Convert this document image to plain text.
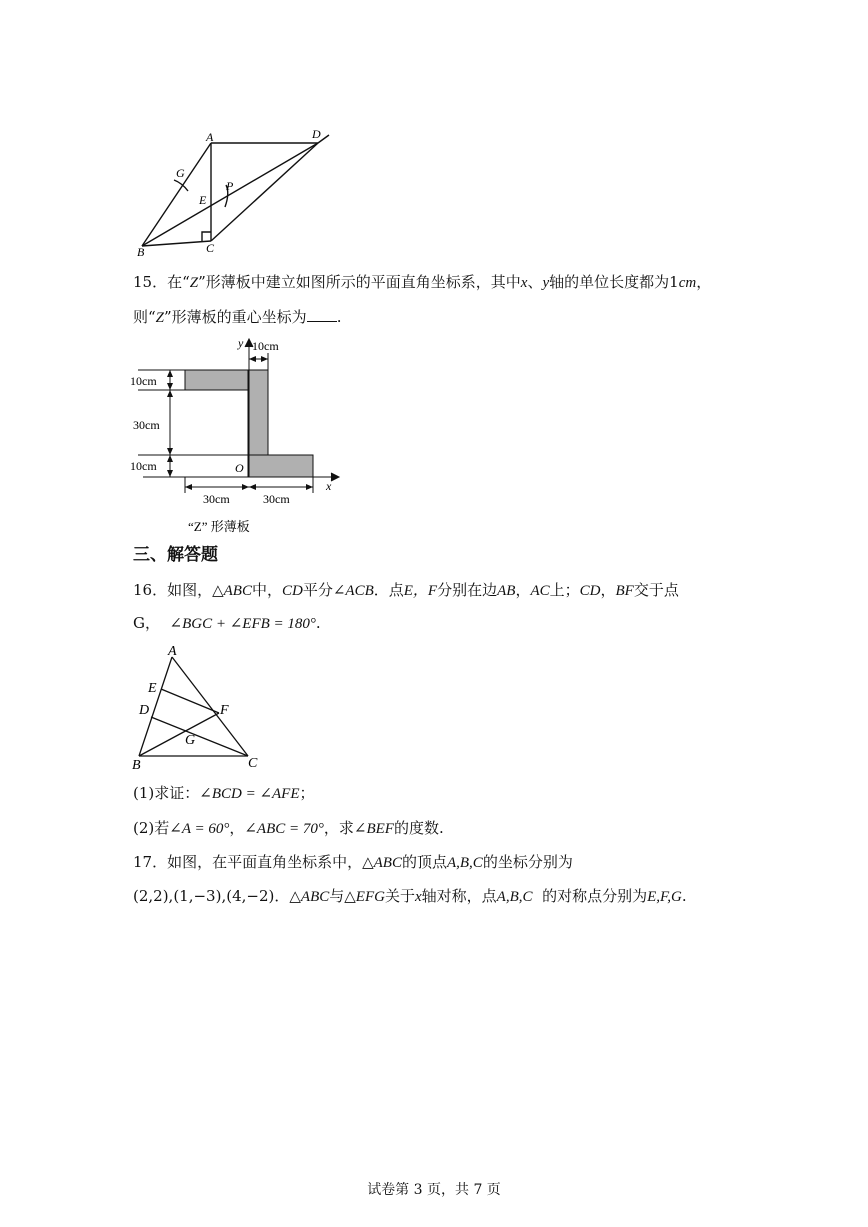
A	D
G
E
P
B	C
15．在“Z”形薄板中建立如图所示的平面直角坐标系，其中x、y轴的单位长度都为1cm，
则“Z”形薄板的重心坐标为 .
y
x
O
10cm
10cm
30cm
10cm
30cm	30cm
“Z” 形薄板
三、解答题
16．如图，△ABC中，CD平分∠ACB．点E，F分别在边AB，AC上；CD，BF交于点
G， ∠BGC + ∠EFB = 180°.
A
E
D	F
G
B	C
(1)求证：∠BCD = ∠AFE；
(2)若∠A = 60°，∠ABC = 70°，求∠BEF的度数.
17．如图，在平面直角坐标系中，△ABC的顶点A,B,C的坐标分别为
(2,2),(1,−3),(4,−2)．△ABC与△EFG关于x轴对称，点A,B,C 的对称点分别为E,F,G.
试卷第 3 页，共 7 页
